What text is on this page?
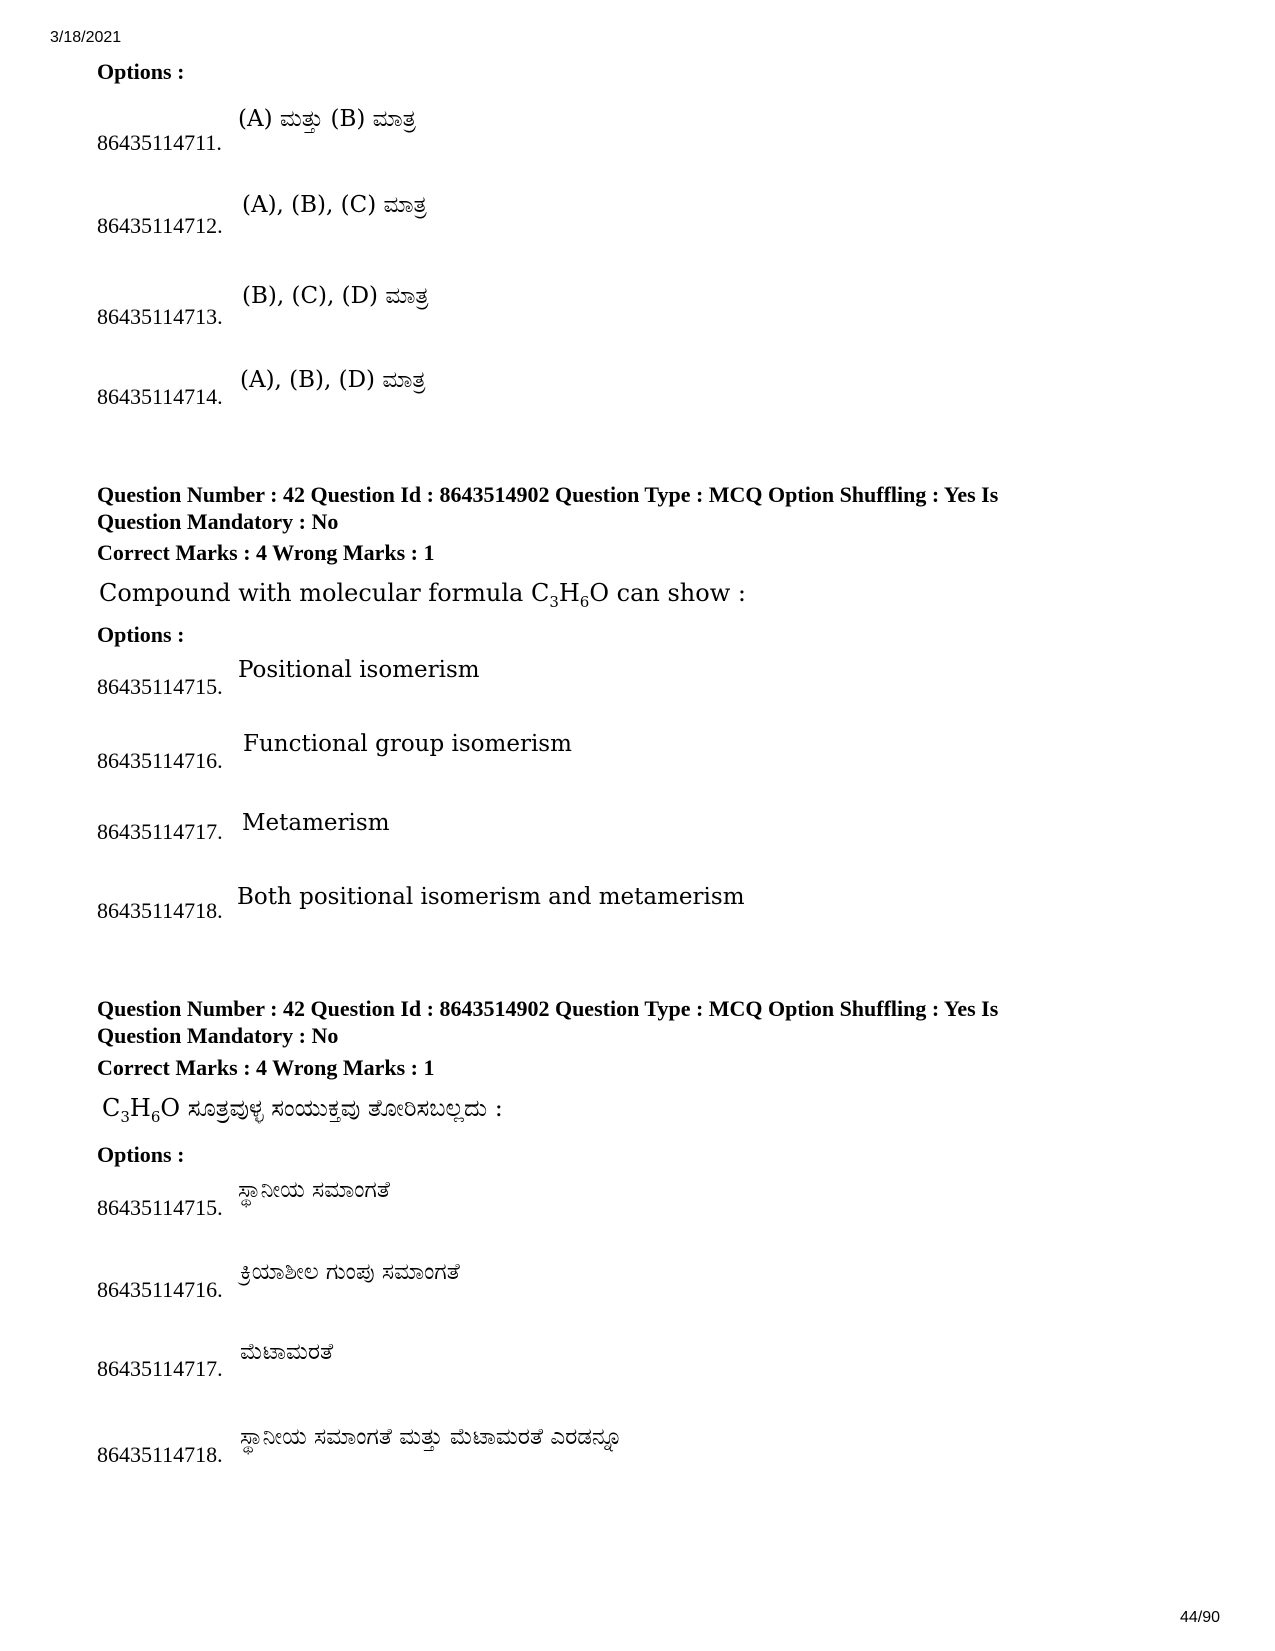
3/18/2021
Options :
86435114711.
(A) ಮತ್ತು (B) ಮಾತ್ರ
86435114712.
(A), (B), (C) ಮಾತ್ರ
86435114713.
(B), (C), (D) ಮಾತ್ರ
86435114714.
(A), (B), (D) ಮಾತ್ರ
Question Number : 42 Question Id : 8643514902 Question Type : MCQ Option Shuffling : Yes Is
Question Mandatory : No
Correct Marks : 4 Wrong Marks : 1
Compound with molecular formula $C_3H_6O$ can show :
Options :
86435114715.
Positional isomerism
86435114716.
Functional group isomerism
86435114717. Metamerism
86435114718.
Both positional isomerism and metamerism
Question Number : 42 Question Id : 8643514902 Question Type : MCQ Option Shuffling : Yes Is
Question Mandatory : No
Correct Marks : 4 Wrong Marks : 1
$C_3H_6O$ ಸೂತ್ರವುಳ್ಳ ಸಂಯುಕ್ತವು ತೋರಿಸಬಲ್ಲದು :
Options :
86435114715.
ಸ್ಥಾನೀಯ ಸಮಾಂಗತೆ
86435114716.
ಕ್ರಿಯಾಶೀಲ ಗುಂಪು ಸಮಾಂಗತೆ
86435114717.
ಮೆಟಾಮರತೆ
86435114718.
ಸ್ಥಾನೀಯ ಸಮಾಂಗತೆ ಮತ್ತು ಮೆಟಾಮರತೆ ಎರಡನ್ನೂ
44/90
